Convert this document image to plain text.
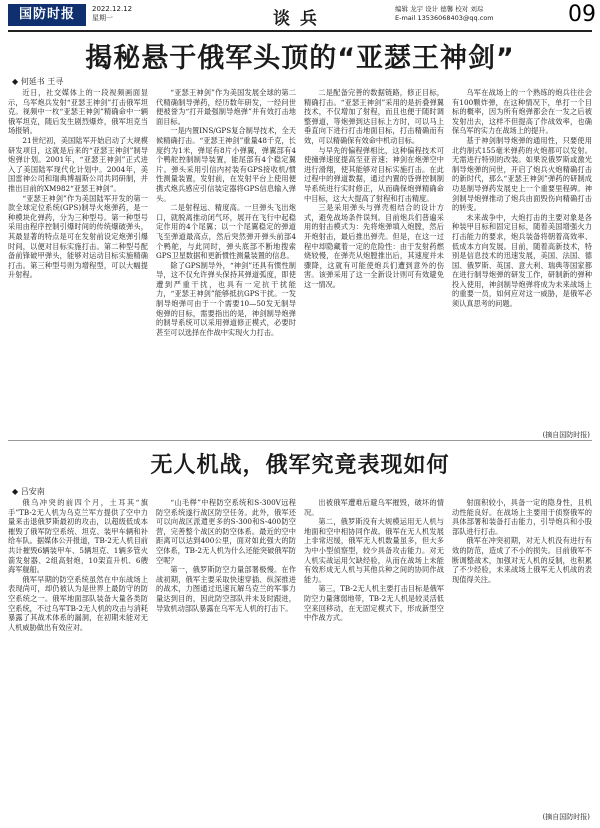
国防时报	2022.12.12
星期一	谈兵	编辑 龙宇 设计 德馨 校对 刘琮
E-mail 13536068403@qq.com	09
揭秘悬于俄军头顶的“亚瑟王神剑”
◆ 何延书 王寻

近日，社交媒体上的一段视频画面显示，乌军炮兵发射“亚瑟王神剑”打击俄军坦克。视频中一枚“亚瑟王神剑”精确命中一辆俄军坦克，随后发生剧烈爆炸，俄军坦克当场报销。

21世纪初，美国陆军开始启动了大规模研发项目，这就是后来的“亚瑟王神剑”制导炮弹计划。2001年，“亚瑟王神剑”正式进入了美国陆军现代化计划中。2004年，美国雷神公司和瑞典博福斯公司共同研制，并推出目前的XM982“亚瑟王神剑”。

“亚瑟王神剑”作为美国陆军开发的第一款全球定位系统(GPS)制导火炮弹药，是一种模块化弹药，分为三种型号。第一种型号采用由程序控制引爆时间的传统爆破弹头，其最显著的特点是可在发射前设定炮弹引爆时间，以便对目标实施打击。第二种型号配备前锋破甲弹头，能够对运动目标实施精确打击。第三种型号则为增程型，可以大幅提升射程。

“亚瑟王神剑”作为美国发展全球的第二代精确制导弹药，经历数年研发，一经问世便被誉为“打开最强制导炮弹”并有效打击地面目标。

一是内置INS/GPS复合制导技术，全天候精确打击。“亚瑟王神剑”重量48千克，长度约为1米，弹尾有8片小弹翼，弹翼部有4个鸭舵控制制导装置，能尾部有4个稳定翼片。弹头采用引信内衬装有GPS接收机/惯性测量装置，发射前，在发射平台上使用便携式炮兵感应引信装定器将GPS信息输入弹头。

二是射程远、精度高。一旦弹头飞出炮口，就脱离推动闭气环，展开在飞行中起稳定作用的4个尾翼；以一个尾翼稳定的弹道飞至弹道最高点，然后突然弹开弹头前部4个鸭舵，与此同时，弹头底部不断地搜索GPS卫星数据和更新惯性测量装置的信息。

除了GPS制导外，“神剑”还具有惯性制导，这不仅允许弹头保持其弹道弧度，即使遭到严重干扰，也具有一定抗干扰能力，“亚瑟王神剑”能够抵抗GPS干扰。一发制导炮弹可由于一个需要10—50发无制导炮弹的目标，需要指出的是，神剑制导炮弹的制导系统可以采用弹道修正模式，必要时甚至可以选择在作战中实现火力打击。

二是配备完善的数据链路，修正目标，精确打击。“亚瑟王神剑”采用的是折叠弹翼技术，不仅增加了射程，而且也便于随时调整弹道，等炮弹到达目标上方时，可以马上垂直向下进行打击地面目标，打击精确而有效，可以精确保有效命中机动目标。

与早先的偏程弹相比，这种偏程技术可使撞弹速度提高至亚音速；神剑在炮弹空中进行滑翔，使其能够对目标实施打击。在此过程中的弹道数据，通过内置的昏弹控制制导系统进行实时修正，从而确保炮弹精确命中目标，这大大提高了射程和打击精度。

三是采用弹头与弹壳相结合的设计方式，避免战场条件误判。目前炮兵们普遍采用的射击模式为：先将炮弹填入炮膛，然后开炮射击，最后推出弹壳。但是，在这一过程中却隐藏着一定的危险性：由于发射药燃烧较慢，在弹壳从炮膛推出后，其速度并未骤降，这就有可能使炮兵们遭到意外的伤害。该弹采用了这一全新设计则可有效避免这一情况。

乌军在战场上的一个熟练的炮兵往往会有100颗炸弹，在这种情况下，单打一个目标的概率，因为所有炮弹都会在一发之后被发射出去，这样不但提高了作战效率，也确保乌军的实力在战场上的提升。

基于神剑制导炮弹的通用性，只要使用北约制式155毫米弹药的火炮都可以发射。无需进行特别的改装。如果说俄罗斯或激光制导炮弹的问世，开启了炮兵火炮精确打击的新时代，那么“亚瑟王神剑”弹药的研制成功是制导弹药发展史上一个重要里程碑。神剑制导炮弹推动了炮兵由面毁伤向精确打击的转变。

未来战争中，大炮打击的主要对象是各种装甲目标和固定目标，随着美国增强火力打击能力的要求，炮兵装备将朝着高效率、低成本方向发展。目前，随着高新技术，特别是信息技术的迅速发展，美国、法国、德国、俄罗斯、英国、意大利、瑞典等国家都在进行制导炮弹的研发工作，研制新的弹种投入使用，神剑制导炮弹将成为未来战场上的重要一员，如何应对这一威胁，是俄军必须认真思考的问题。

(摘自国防时报)
无人机战，俄军究竟表现如何
◆ 吕安南

俄乌冲突的前四个月，土耳其“旗手”TB-2无人机为乌克兰军方提供了空中力量来击退俄罗斯最初的攻击，以超级低成本摧毁了俄军防空系统、坦克、装甲车辆和补给车队。据媒体公开报道，TB-2无人机目前共计摧毁6辆装甲车、5辆坦克、1辆多管火箭发射器、2组高射炮，10架直升机、6艘海军舰船。

俄军早期的防空系统虽然在中东战场上表现尚可，却仍被认为是世界上最防守的防空系统之一。俄军地面部队装备大量各类防空系统，不过乌军TB-2无人机的攻击与消耗暴露了其战术体系的漏洞，在初期未能对无人机威胁做出有效应对。

“山毛榉”中程防空系统和S-300V远程防空系统遂行战区防空任务。此外，俄军还可以向战区派遣更多的S-300和S-400防空营，完善整个战区的防空体系。最近的空中距离可以达到400公里，面对如此强大的防空体系，TB-2无人机为什么还能突破俄军防空呢？

第一，俄罗斯防空力量部署极慢。在作战初期，俄军主要采取快速穿插、纵深推进的战术，力图通过迅速瓦解乌克兰的军事力量达到目的，因此防空部队并未及时跟进，导致机动部队暴露在乌军无人机的打击下。

出被俄军遭难后避乌军摧毁，破坏的情况。

第二，俄罗斯没有大规模运用无人机与地面和空中相协同作战。俄军在无人机发展上非常迟缓，俄军无人机数量虽多，但大多为中小型侦察型，较少具备攻击能力。对无人机实战运用欠缺经验，从而在战场上未能有效形成无人机与其他兵种之间的协同作战能力。

第三，TB-2无人机主要打击目标是俄军防空力量薄弱地带，TB-2无人机是较灵活低空来回移动，在无固定模式下，形成新型空中作战方式。

射面积较小，具备一定的隐身性，且机动性能良好。在战场上主要用于侦察俄军的具体部署和装备打击能力，引导炮兵和小股部队进行打击。

俄军在冲突初期，对无人机没有进行有效的防范，造成了不小的损失。目前俄军不断调整战术，加强对无人机的反制，也积累了不少经验，未来战场上俄军无人机战的表现值得关注。

(摘自国防时报)
